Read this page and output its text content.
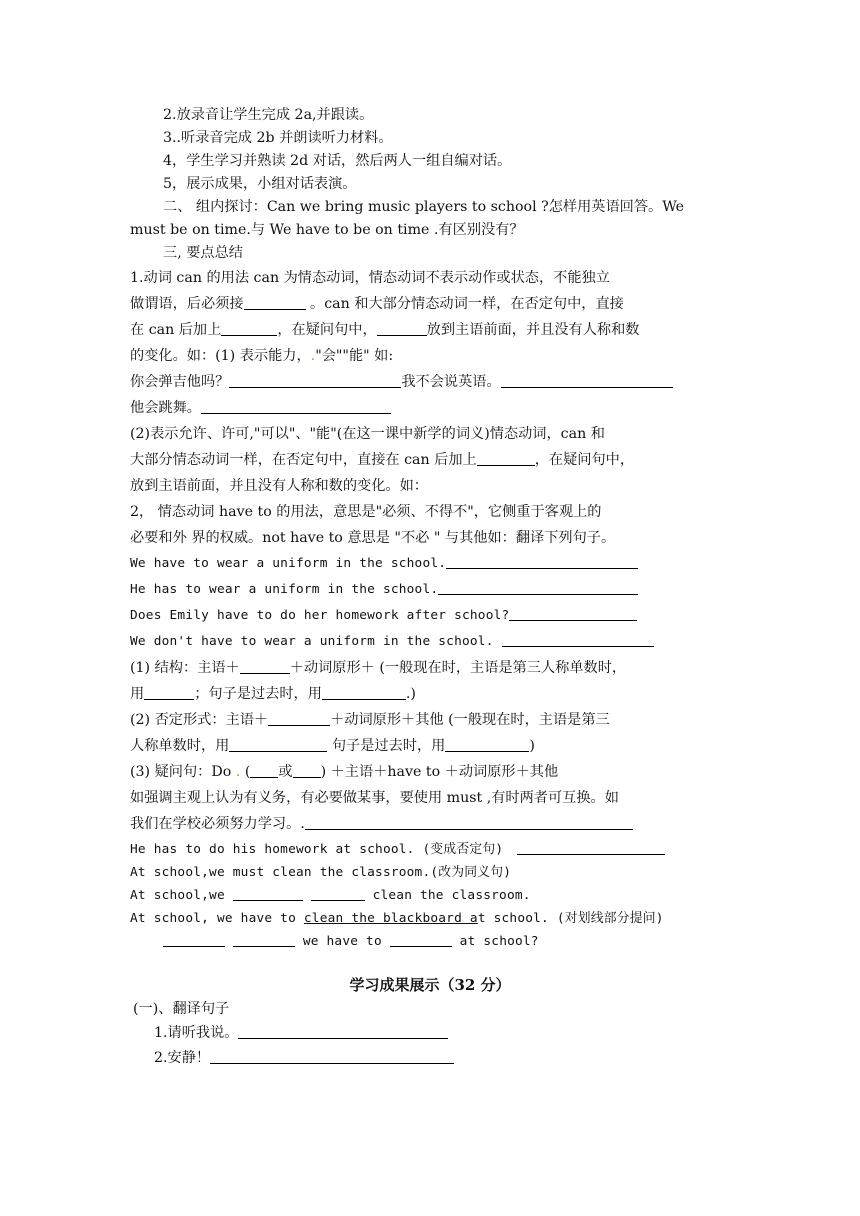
2.放录音让学生完成 2a,并跟读。
3..听录音完成 2b 并朗读听力材料。
4，学生学习并熟读 2d 对话，然后两人一组自编对话。
5，展示成果，小组对话表演。
二、 组内探讨：Can we bring music players to school ?怎样用英语回答。We
must be on time.与 We have to be on time .有区别没有？
三, 要点总结
1.动词 can 的用法 can 为情态动词，情态动词不表示动作或状态，不能独立
做谓语，后必须接	。can 和大部分情态动词一样，在否定句中，直接
在 can 后加上	，在疑问句中，	放到主语前面，并且没有人称和数
的变化。如：(1) 表示能力，."会""能" 如:
你会弹吉他吗？	我不会说英语。
他会跳舞。
(2)表示允许、许可,"可以"、"能"(在这一课中新学的词义)情态动词，can 和
大部分情态动词一样，在否定句中，直接在 can 后加上	，在疑问句中，
放到主语前面，并且没有人称和数的变化。如：
2， 情态动词 have to 的用法，意思是"必须、不得不"，它侧重于客观上的
必要和外 界的权威。not have to 意思是 "不必 " 与其他如：翻译下列句子。
We have to wear a uniform in the school.
He has to wear a uniform in the school.
Does Emily have to do her homework after school?
We don't have to wear a uniform in the school.
(1) 结构：主语＋	＋动词原形＋ (一般现在时，主语是第三人称单数时，
用	；句子是过去时，用	.)
(2) 否定形式：主语＋	＋动词原形＋其他 (一般现在时，主语是第三
人称单数时，用	句子是过去时，用	)
(3) 疑问句：Do . ( 或 ) ＋主语＋have to ＋动词原形＋其他
如强调主观上认为有义务，有必要做某事，要使用 must ,有时两者可互换。如
我们在学校必须努力学习。.
He has to do his homework at school. (变成否定句)
At school,we must clean the classroom.(改为同义句)
At school,we	clean the classroom.
At school, we have to clean the blackboard at school. (对划线部分提问)
we have to	at school?
学习成果展示（32 分）
(一)、翻译句子
1.请听我说。
2.安静！
